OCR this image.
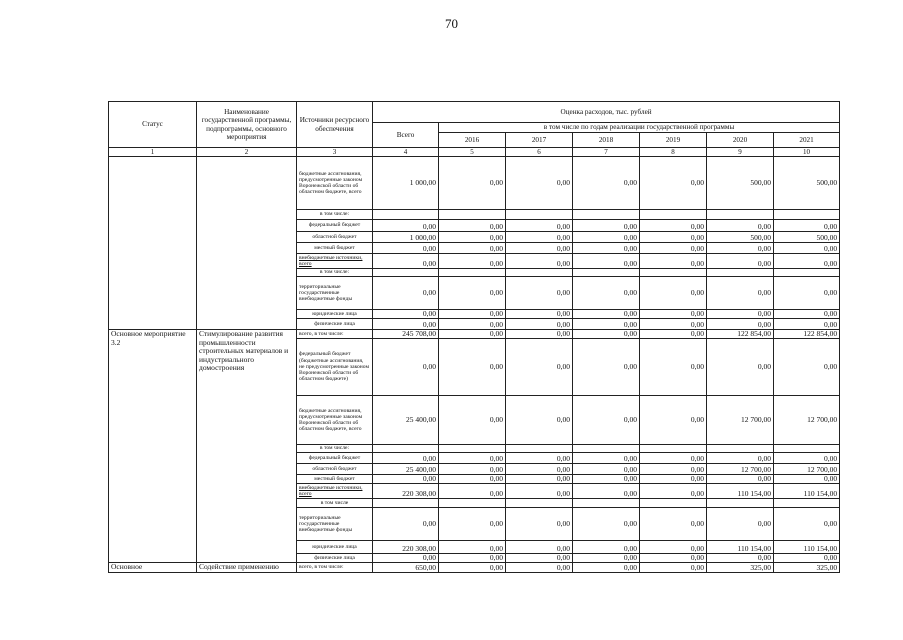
70
Статус	Наименование государственной программы, подпрограммы, основного мероприятия	Источники ресурсного обеспечения	Оценка расходов, тыс. рублей						
			Всего	в том числе по годам реализации государственной программы					
				2016	2017	2018	2019	2020	2021
1	2	3	4	5	6	7	8	9	10
		бюджетные ассигнования, предусмотренные законом Воронежской области об областном бюджете, всего	1 000,00	0,00	0,00	0,00	0,00	500,00	500,00
		в том числе:							
		федеральный бюджет	0,00	0,00	0,00	0,00	0,00	0,00	0,00
		областной бюджет	1 000,00	0,00	0,00	0,00	0,00	500,00	500,00
		местный бюджет	0,00	0,00	0,00	0,00	0,00	0,00	0,00
		внебюджетные источники, всего	0,00	0,00	0,00	0,00	0,00	0,00	0,00
		в том числе:							
		территориальные государственные внебюджетные фонды	0,00	0,00	0,00	0,00	0,00	0,00	0,00
		юридические лица	0,00	0,00	0,00	0,00	0,00	0,00	0,00
		физические лица	0,00	0,00	0,00	0,00	0,00	0,00	0,00
Основное мероприятие 3.2	Стимулирование развития промышленности строительных материалов и индустриального домостроения	всего, в том числе:	245 708,00	0,00	0,00	0,00	0,00	122 854,00	122 854,00
		федеральный бюджет (бюджетные ассигнования, не предусмотренные законом Воронежской области об областном бюджете)	0,00	0,00	0,00	0,00	0,00	0,00	0,00
		бюджетные ассигнования, предусмотренные законом Воронежской области об областном бюджете, всего	25 400,00	0,00	0,00	0,00	0,00	12 700,00	12 700,00
		в том числе:							
		федеральный бюджет	0,00	0,00	0,00	0,00	0,00	0,00	0,00
		областной бюджет	25 400,00	0,00	0,00	0,00	0,00	12 700,00	12 700,00
		местный бюджет	0,00	0,00	0,00	0,00	0,00	0,00	0,00
		внебюджетные источники, всего	220 308,00	0,00	0,00	0,00	0,00	110 154,00	110 154,00
		в том числе							
		территориальные государственные внебюджетные фонды	0,00	0,00	0,00	0,00	0,00	0,00	0,00
		юридические лица	220 308,00	0,00	0,00	0,00	0,00	110 154,00	110 154,00
		физические лица	0,00	0,00	0,00	0,00	0,00	0,00	0,00
Основное	Содействие применению	всего, в том числе:	650,00	0,00	0,00	0,00	0,00	325,00	325,00
